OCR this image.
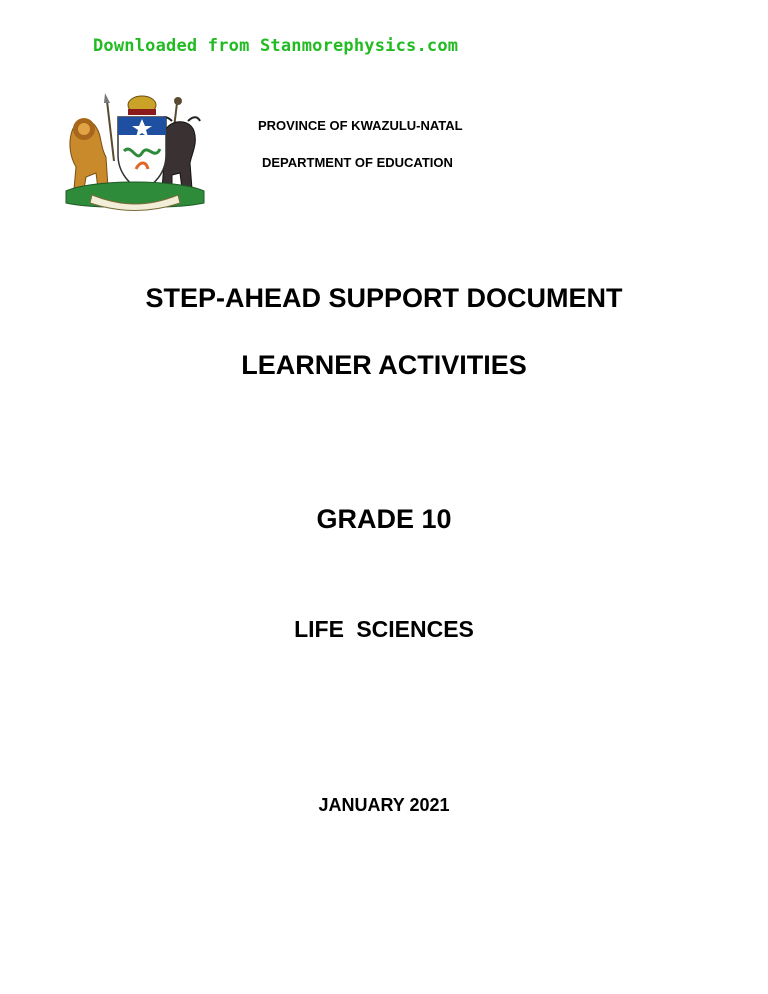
Downloaded from Stanmorephysics.com
PROVINCE OF KWAZULU-NATAL
DEPARTMENT OF EDUCATION
STEP-AHEAD SUPPORT DOCUMENT
LEARNER ACTIVITIES
GRADE 10
LIFE SCIENCES
JANUARY 2021
